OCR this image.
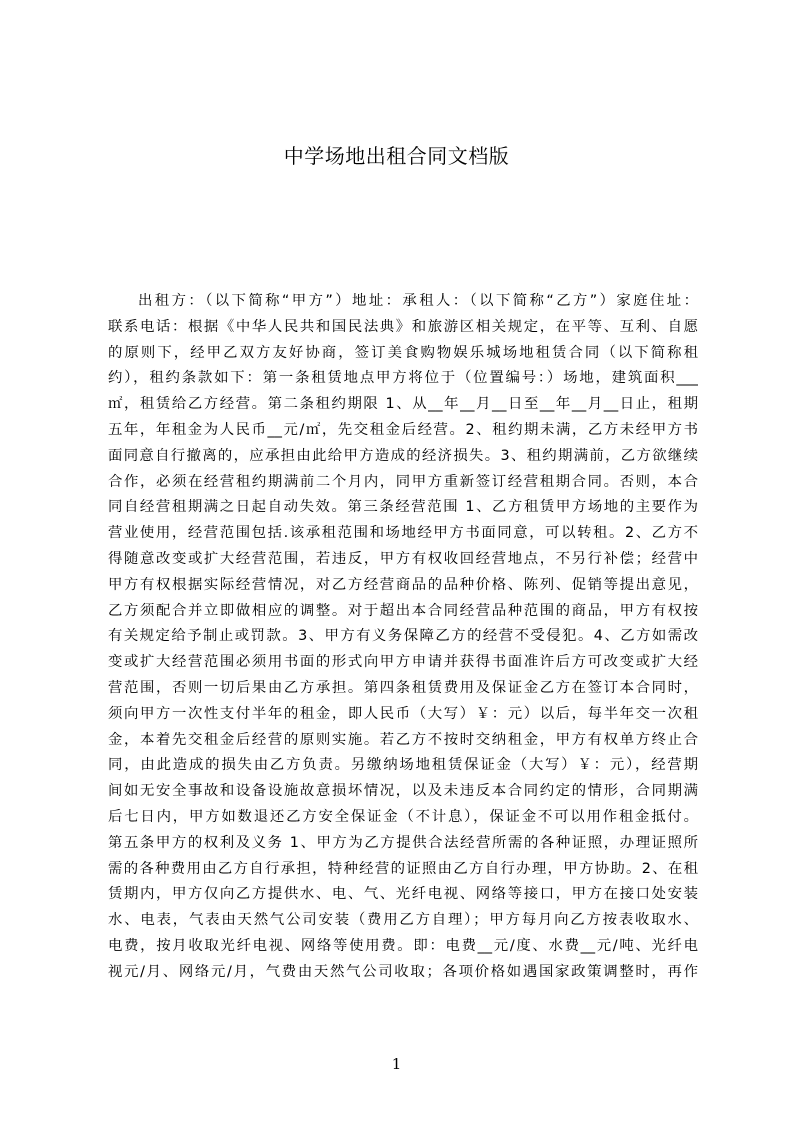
中学场地出租合同文档版
出租方：（以下简称“甲方”）地址：承租人：（以下简称“乙方”）家庭住址：
联系电话：根据《中华人民共和国民法典》和旅游区相关规定，在平等、互利、自愿
的原则下，经甲乙双方友好协商，签订美食购物娱乐城场地租赁合同（以下简称租
约），租约条款如下：第一条租赁地点甲方将位于（位置编号：）场地，建筑面积___
㎡，租赁给乙方经营。第二条租约期限 1、从__年__月__日至__年__月__日止，租期
五年，年租金为人民币__元/㎡，先交租金后经营。2、租约期未满，乙方未经甲方书
面同意自行撤离的，应承担由此给甲方造成的经济损失。3、租约期满前，乙方欲继续
合作，必须在经营租约期满前二个月内，同甲方重新签订经营租期合同。否则，本合
同自经营租期满之日起自动失效。第三条经营范围 1、乙方租赁甲方场地的主要作为
营业使用，经营范围包括.该承租范围和场地经甲方书面同意，可以转租。2、乙方不
得随意改变或扩大经营范围，若违反，甲方有权收回经营地点，不另行补偿；经营中
甲方有权根据实际经营情况，对乙方经营商品的品种价格、陈列、促销等提出意见，
乙方须配合并立即做相应的调整。对于超出本合同经营品种范围的商品，甲方有权按
有关规定给予制止或罚款。3、甲方有义务保障乙方的经营不受侵犯。4、乙方如需改
变或扩大经营范围必须用书面的形式向甲方申请并获得书面准许后方可改变或扩大经
营范围，否则一切后果由乙方承担。第四条租赁费用及保证金乙方在签订本合同时，
须向甲方一次性支付半年的租金，即人民币（大写）￥：元）以后，每半年交一次租
金，本着先交租金后经营的原则实施。若乙方不按时交纳租金，甲方有权单方终止合
同，由此造成的损失由乙方负责。另缴纳场地租赁保证金（大写）￥：元），经营期
间如无安全事故和设备设施故意损坏情况，以及未违反本合同约定的情形，合同期满
后七日内，甲方如数退还乙方安全保证金（不计息），保证金不可以用作租金抵付。
第五条甲方的权利及义务 1、甲方为乙方提供合法经营所需的各种证照，办理证照所
需的各种费用由乙方自行承担，特种经营的证照由乙方自行办理，甲方协助。2、在租
赁期内，甲方仅向乙方提供水、电、气、光纤电视、网络等接口，甲方在接口处安装
水、电表，气表由天然气公司安装（费用乙方自理）；甲方每月向乙方按表收取水、
电费，按月收取光纤电视、网络等使用费。即：电费__元/度、水费__元/吨、光纤电
视元/月、网络元/月，气费由天然气公司收取；各项价格如遇国家政策调整时，再作
1
